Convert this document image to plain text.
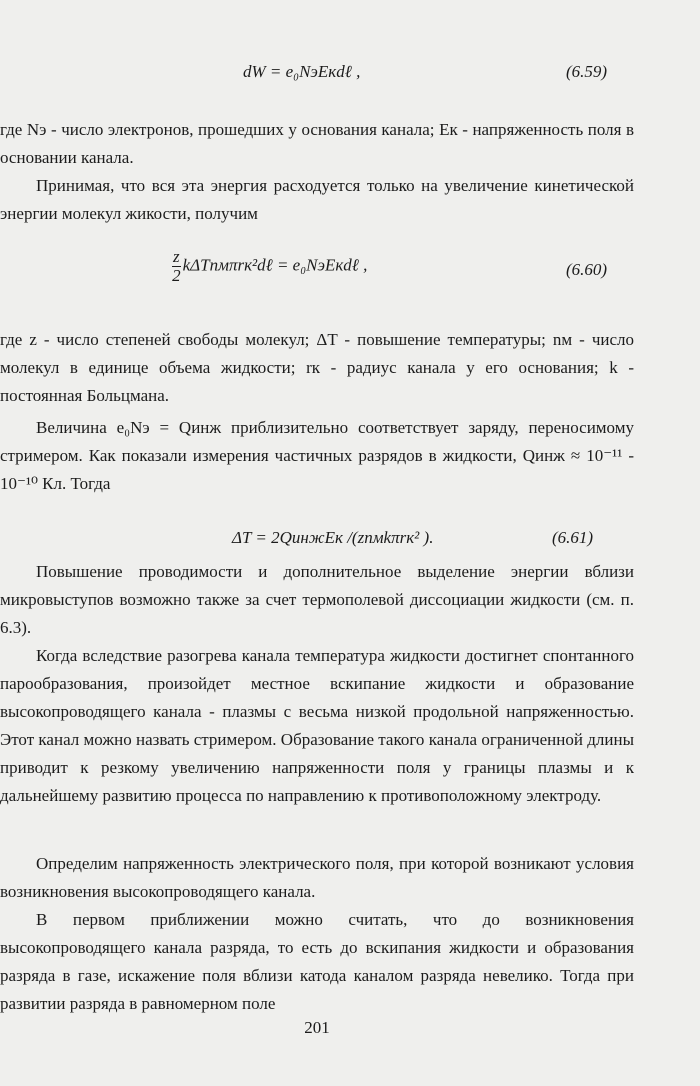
dW = e₀NэEкdℓ ,	(6.59)
где Nэ - число электронов, прошедших у основания канала; Eк - напряженность поля в основании канала.
Принимая, что вся эта энергия расходуется только на увеличение кинетической энергии молекул жикости, получим
$\frac{z}{2}$ kΔTnмπrк²dℓ = e₀NэEкdℓ ,	(6.60)
где z - число степеней свободы молекул; ΔT - повышение температуры; nм - число молекул в единице объема жидкости; rк - радиус канала у его основания; k - постоянная Больцмана.
Величина e₀Nэ = Qинж приблизительно соответствует заряду, переносимому стримером. Как показали измерения частичных разрядов в жидкости, Qинж ≈ 10⁻¹¹ - 10⁻¹⁰ Кл. Тогда
ΔT = 2QинжEк /(znмkπrк² ).	(6.61)
Повышение проводимости и дополнительное выделение энергии вблизи микровыступов возможно также за счет термополевой диссоциации жидкости (см. п. 6.3).
Когда вследствие разогрева канала температура жидкости достигнет спонтанного парообразования, произойдет местное вскипание жидкости и образование высокопроводящего канала - плазмы с весьма низкой продольной напряженностью. Этот канал можно назвать стримером. Образование такого канала ограниченной длины приводит к резкому увеличению напряженности поля у границы плазмы и к дальнейшему развитию процесса по направлению к противоположному электроду.
Определим напряженность электрического поля, при которой возникают условия возникновения высокопроводящего канала.
В первом приближении можно считать, что до возникновения высокопроводящего канала разряда, то есть до вскипания жидкости и образования разряда в газе, искажение поля вблизи катода каналом разряда невелико. Тогда при развитии разряда в равномерном поле
201
